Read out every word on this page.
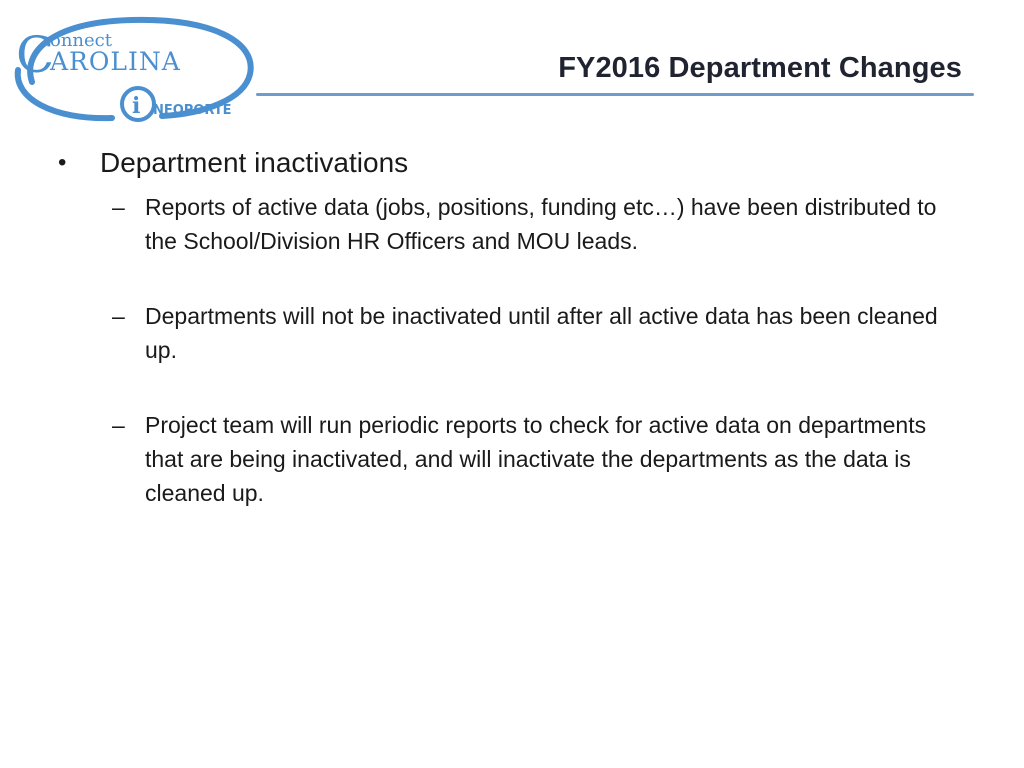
C
onnect
AROLINA
i NFOPORTE
FY2016 Department Changes
•	Department inactivations
– Reports of active data (jobs, positions, funding etc…) have been distributed to the School/Division HR Officers and MOU leads.
– Departments will not be inactivated until after all active data has been cleaned up.
– Project team will run periodic reports to check for active data on departments that are being inactivated, and will inactivate the departments as the data is cleaned up.
